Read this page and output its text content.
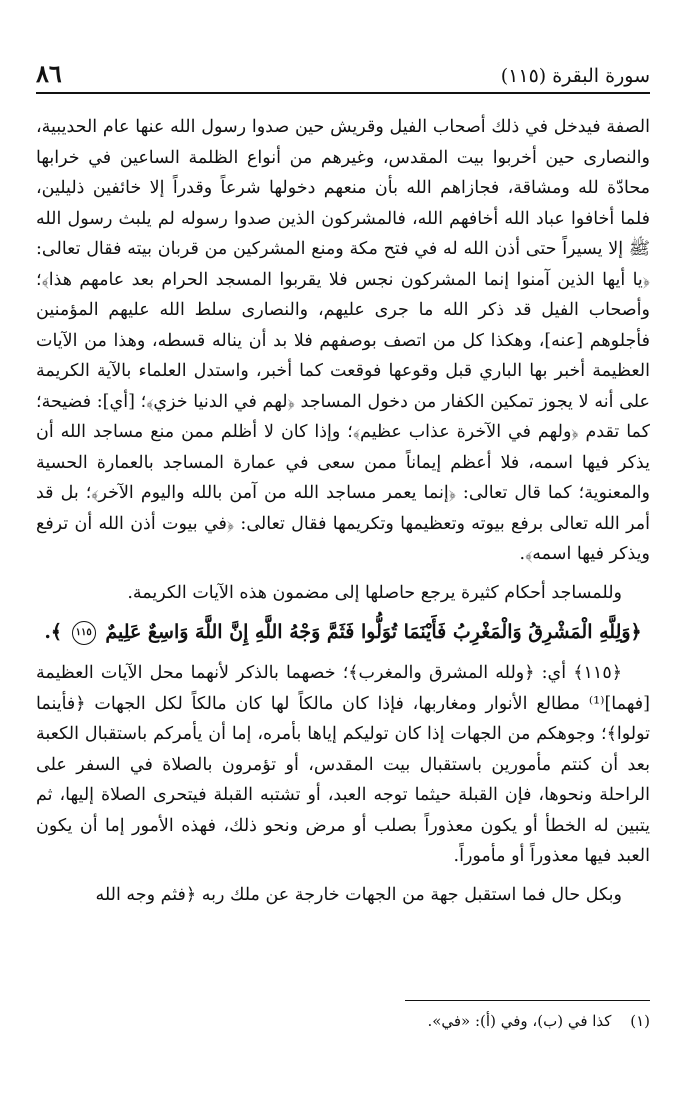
٨٦	سورة البقرة (١١٥)

الصفة فيدخل في ذلك أصحاب الفيل وقريش حين صدوا رسول الله عنها عام الحديبية، والنصارى حين أخربوا بيت المقدس، وغيرهم من أنواع الظلمة الساعين في خرابها محادّة لله ومشاقة، فجازاهم الله بأن منعهم دخولها شرعاً وقدراً إلا خائفين ذليلين، فلما أخافوا عباد الله أخافهم الله، فالمشركون الذين صدوا رسوله لم يلبث رسول الله ﷺ إلا يسيراً حتى أذن الله له في فتح مكة ومنع المشركين من قربان بيته فقال تعالى: ﴿يا أيها الذين آمنوا إنما المشركون نجس فلا يقربوا المسجد الحرام بعد عامهم هذا﴾؛ وأصحاب الفيل قد ذكر الله ما جرى عليهم، والنصارى سلط الله عليهم المؤمنين فأجلوهم [عنه]، وهكذا كل من اتصف بوصفهم فلا بد أن يناله قسطه، وهذا من الآيات العظيمة أخبر بها الباري قبل وقوعها فوقعت كما أخبر، واستدل العلماء بالآية الكريمة على أنه لا يجوز تمكين الكفار من دخول المساجد ﴿لهم في الدنيا خزي﴾؛ [أي]: فضيحة؛ كما تقدم ﴿ولهم في الآخرة عذاب عظيم﴾؛ وإذا كان لا أظلم ممن منع مساجد الله أن يذكر فيها اسمه، فلا أعظم إيماناً ممن سعى في عمارة المساجد بالعمارة الحسية والمعنوية؛ كما قال تعالى: ﴿إنما يعمر مساجد الله من آمن بالله واليوم الآخر﴾؛ بل قد أمر الله تعالى برفع بيوته وتعظيمها وتكريمها فقال تعالى: ﴿في بيوت أذن الله أن ترفع ويذكر فيها اسمه﴾.

وللمساجد أحكام كثيرة يرجع حاصلها إلى مضمون هذه الآيات الكريمة.

﴿وَلِلَّهِ الْمَشْرِقُ وَالْمَغْرِبُ فَأَيْنَمَا تُوَلُّوا فَثَمَّ وَجْهُ اللَّهِ إِنَّ اللَّهَ وَاسِعٌ عَلِيمٌ ١١٥ ﴾.

﴿١١٥﴾ أي: ﴿ولله المشرق والمغرب﴾؛ خصهما بالذكر لأنهما محل الآيات العظيمة [فهما]⁽¹⁾ مطالع الأنوار ومغاربها، فإذا كان مالكاً لها كان مالكاً لكل الجهات ﴿فأينما تولوا﴾؛ وجوهكم من الجهات إذا كان توليكم إياها بأمره، إما أن يأمركم باستقبال الكعبة بعد أن كنتم مأمورين باستقبال بيت المقدس، أو تؤمرون بالصلاة في السفر على الراحلة ونحوها، فإن القبلة حيثما توجه العبد، أو تشتبه القبلة فيتحرى الصلاة إليها، ثم يتبين له الخطأ أو يكون معذوراً بصلب أو مرض ونحو ذلك، فهذه الأمور إما أن يكون العبد فيها معذوراً أو مأموراً.

وبكل حال فما استقبل جهة من الجهات خارجة عن ملك ربه ﴿فثم وجه الله

(١) كذا في (ب)، وفي (أ): «في».
